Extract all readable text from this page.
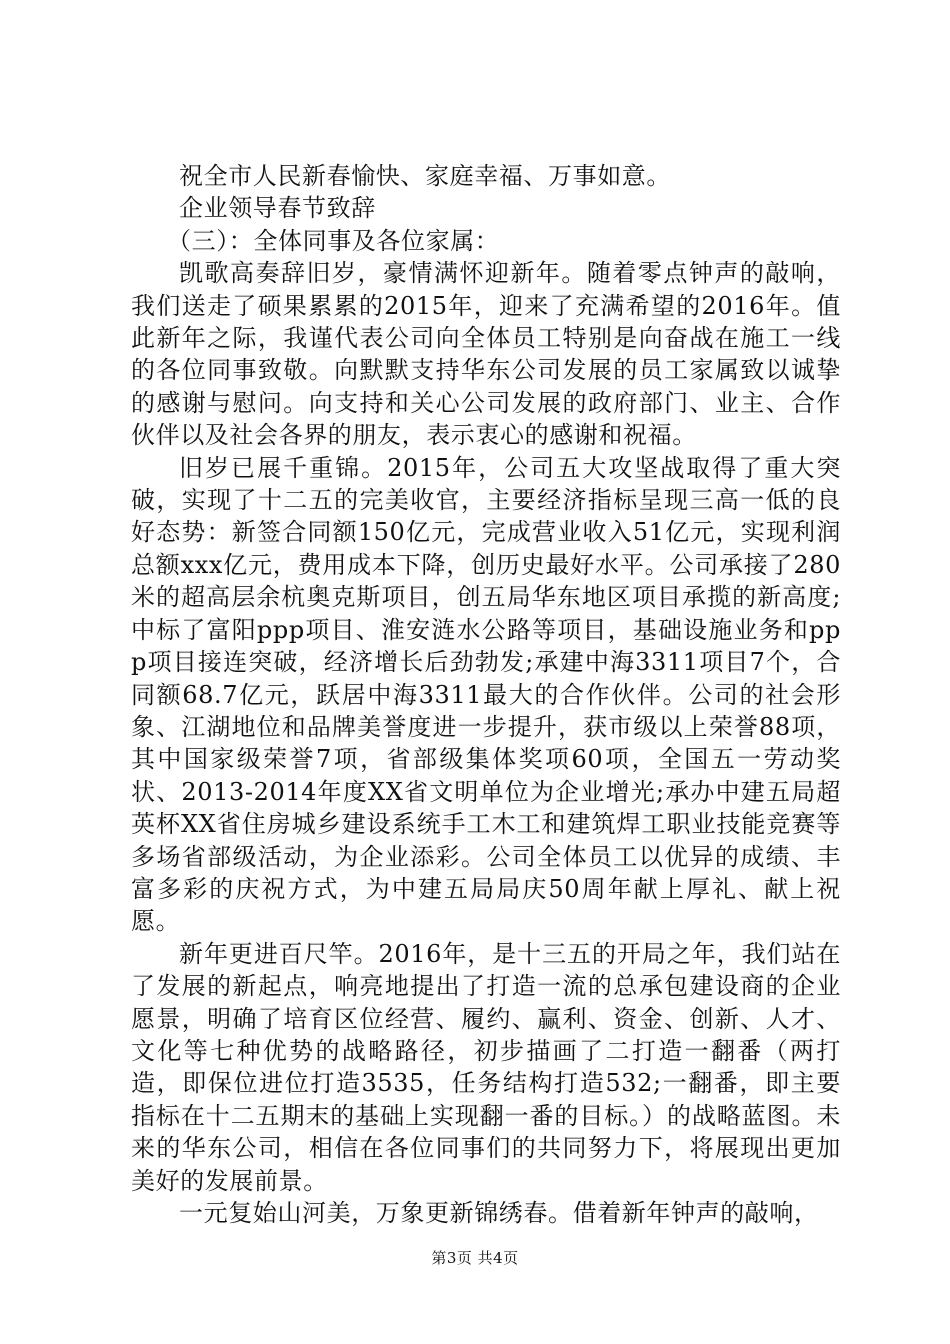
祝全市人民新春愉快、家庭幸福、万事如意。

企业领导春节致辞

（三）：全体同事及各位家属：

凯歌高奏辞旧岁，豪情满怀迎新年。随着零点钟声的敲响，我们送走了硕果累累的2015年，迎来了充满希望的2016年。值此新年之际，我谨代表公司向全体员工特别是向奋战在施工一线的各位同事致敬。向默默支持华东公司发展的员工家属致以诚挚的感谢与慰问。向支持和关心公司发展的政府部门、业主、合作伙伴以及社会各界的朋友，表示衷心的感谢和祝福。

旧岁已展千重锦。2015年，公司五大攻坚战取得了重大突破，实现了十二五的完美收官，主要经济指标呈现三高一低的良好态势：新签合同额150亿元，完成营业收入51亿元，实现利润总额xxx亿元，费用成本下降，创历史最好水平。公司承接了280米的超高层余杭奥克斯项目，创五局华东地区项目承揽的新高度;中标了富阳ppp项目、淮安涟水公路等项目，基础设施业务和ppp项目接连突破，经济增长后劲勃发;承建中海3311项目7个，合同额68.7亿元，跃居中海3311最大的合作伙伴。公司的社会形象、江湖地位和品牌美誉度进一步提升，获市级以上荣誉88项，其中国家级荣誉7项，省部级集体奖项60项，全国五一劳动奖状、2013-2014年度XX省文明单位为企业增光;承办中建五局超英杯XX省住房城乡建设系统手工木工和建筑焊工职业技能竞赛等多场省部级活动，为企业添彩。公司全体员工以优异的成绩、丰富多彩的庆祝方式，为中建五局局庆50周年献上厚礼、献上祝愿。

新年更进百尺竿。2016年，是十三五的开局之年，我们站在了发展的新起点，响亮地提出了打造一流的总承包建设商的企业愿景，明确了培育区位经营、履约、赢利、资金、创新、人才、文化等七种优势的战略路径，初步描画了二打造一翻番（两打造，即保位进位打造3535，任务结构打造532;一翻番，即主要指标在十二五期末的基础上实现翻一番的目标。）的战略蓝图。未来的华东公司，相信在各位同事们的共同努力下，将展现出更加美好的发展前景。

一元复始山河美，万象更新锦绣春。借着新年钟声的敲响，

第3页 共4页
